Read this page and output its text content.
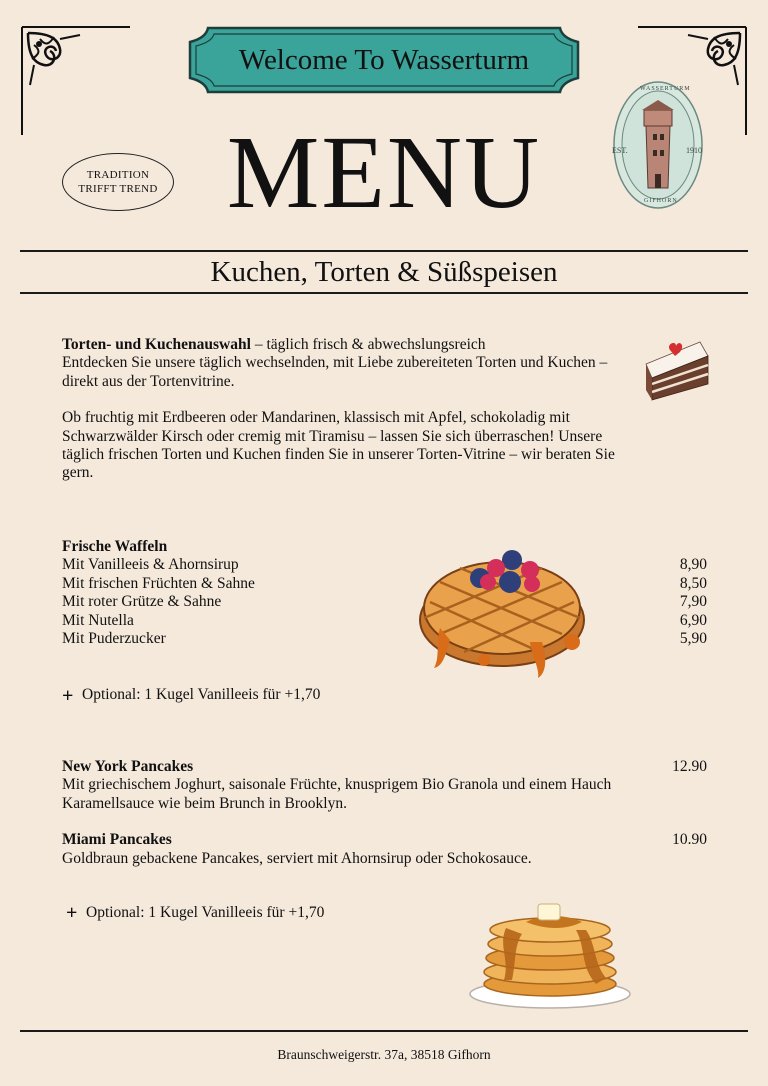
Welcome To Wasserturm
MENU
TRADITION
TRIFFT TREND
WASSERTURM
EST.	1910
GIFHORN
Kuchen, Torten & Süßspeisen

Torten- und Kuchenauswahl – täglich frisch & abwechslungsreich
Entdecken Sie unsere täglich wechselnden, mit Liebe zubereiteten Torten und Kuchen – direkt aus der Tortenvitrine.

Ob fruchtig mit Erdbeeren oder Mandarinen, klassisch mit Apfel, schokoladig mit Schwarzwälder Kirsch oder cremig mit Tiramisu – lassen Sie sich überraschen! Unsere täglich frischen Torten und Kuchen finden Sie in unserer Torten-Vitrine – wir beraten Sie gern.

Frische Waffeln
Mit Vanilleeis & Ahornsirup	8,90
Mit frischen Früchten & Sahne	8,50
Mit roter Grütze & Sahne	7,90
Mit Nutella	6,90
Mit Puderzucker	5,90
+ Optional: 1 Kugel Vanilleeis für +1,70
New York Pancakes	12.90
Mit griechischem Joghurt, saisonale Früchte, knusprigem Bio Granola und einem Hauch Karamellsauce wie beim Brunch in Brooklyn.
Miami Pancakes	10.90
Goldbraun gebackene Pancakes, serviert mit Ahornsirup oder Schokosauce.
+ Optional: 1 Kugel Vanilleeis für +1,70
Braunschweigerstr. 37a, 38518 Gifhorn
